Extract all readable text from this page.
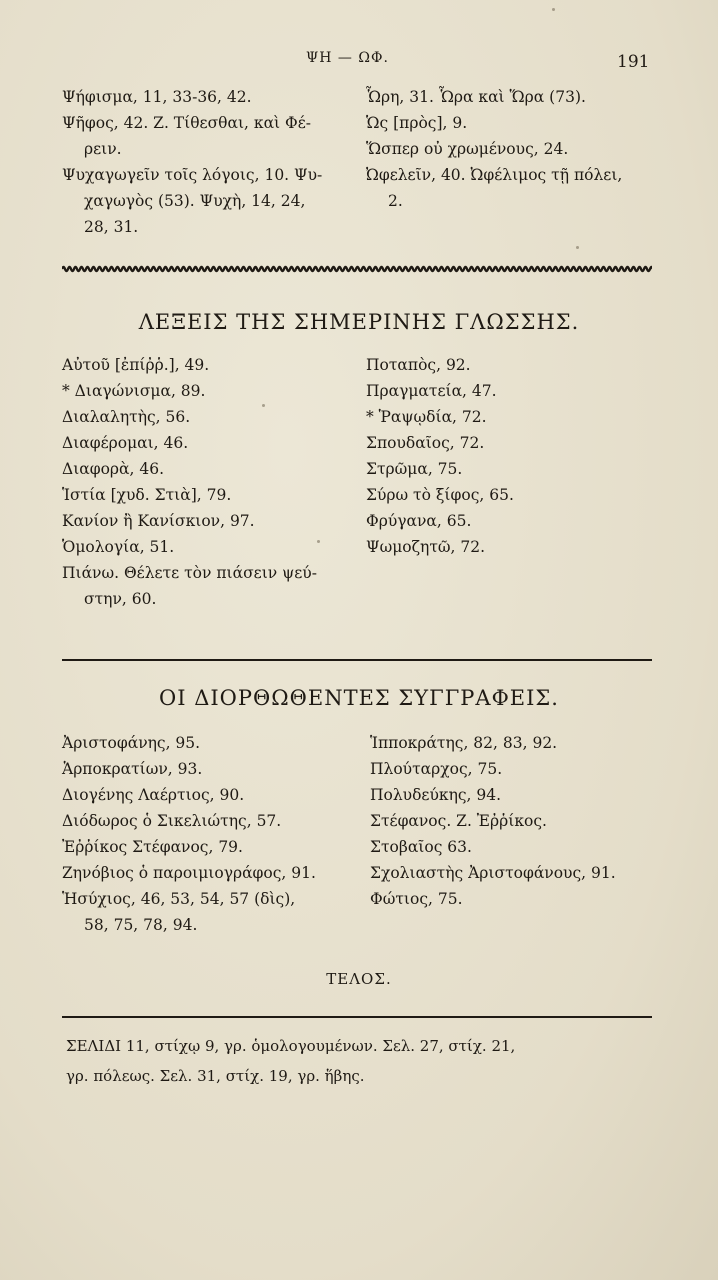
ΨΗ — ΩΦ.	191
Ψήφισμα, 11, 33-36, 42.
Ψῆφος, 42. Ζ. Τίθεσθαι, καὶ Φέ-
ρειν.
Ψυχαγωγεῖν τοῖς λόγοις, 10. Ψυ-
χαγωγὸς (53). Ψυχὴ, 14, 24,
28, 31.
Ὧρη, 31. Ὧρα καὶ Ὥρα (73).
Ὡς [πρὸς], 9.
Ὥσπερ οὐ χρωμένους, 24.
Ὠφελεῖν, 40. Ὠφέλιμος τῇ πόλει,
2.
ΛΕΞΕΙΣ ΤΗΣ ΣΗΜΕΡΙΝΗΣ ΓΛΩΣΣΗΣ.
Αὐτοῦ [ἐπίῤῥ.], 49.
* Διαγώνισμα, 89.
Διαλαλητὴς, 56.
Διαφέρομαι, 46.
Διαφορὰ, 46.
Ἱστία [χυδ. Στιὰ], 79.
Κανίον ἢ Κανίσκιον, 97.
Ὁμολογία, 51.
Πιάνω. Θέλετε τὸν πιάσειν ψεύ-
στην, 60.
Ποταπὸς, 92.
Πραγματεία, 47.
* Ῥαψῳδία, 72.
Σπουδαῖος, 72.
Στρῶμα, 75.
Σύρω τὸ ξίφος, 65.
Φρύγανα, 65.
Ψωμοζητῶ, 72.
ΟΙ ΔΙΟΡΘΩΘΕΝΤΕΣ ΣΥΓΓΡΑΦΕΙΣ.
Ἀριστοφάνης, 95.
Ἁρποκρατίων, 93.
Διογένης Λαέρτιος, 90.
Διόδωρος ὁ Σικελιώτης, 57.
Ἐῤῥίκος Στέφανος, 79.
Ζηνόβιος ὁ παροιμιογράφος, 91.
Ἡσύχιος, 46, 53, 54, 57 (δὶς),
58, 75, 78, 94.
Ἱπποκράτης, 82, 83, 92.
Πλούταρχος, 75.
Πολυδεύκης, 94.
Στέφανος. Ζ. Ἐῤῥίκος.
Στοβαῖος 63.
Σχολιαστὴς Ἀριστοφάνους, 91.
Φώτιος, 75.
ΤΕΛΟΣ.

ΣΕΛΙΔΙ 11, στίχῳ 9, γρ. ὁμολογουμένων. Σελ. 27, στίχ. 21,

γρ. πόλεως. Σελ. 31, στίχ. 19, γρ. ἥβης.
